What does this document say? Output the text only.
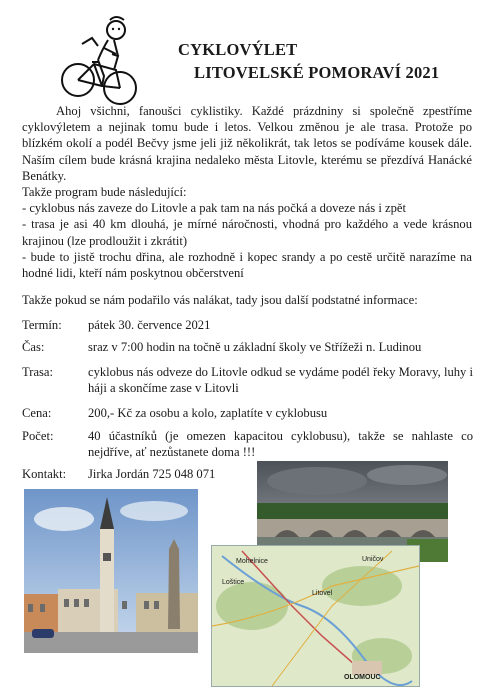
CYKLOVÝLET
LITOVELSKÉ POMORAVÍ 2021

Ahoj všichni, fanoušci cyklistiky. Každé prázdniny si společně zpestříme cyklovýletem a nejinak tomu bude i letos. Velkou změnou je ale trasa. Protože po blízkém okolí a podél Bečvy jsme jeli již několikrát, tak letos se podíváme kousek dále. Naším cílem bude krásná krajina nedaleko města Litovle, kterému se přezdívá Hanácké Benátky.

Takže program bude následující:

- cyklobus nás zaveze do Litovle a pak tam na nás počká a doveze nás i zpět

- trasa je asi 40 km dlouhá, je mírné náročnosti, vhodná pro každého a vede krásnou krajinou (lze prodloužit i zkrátit)

- bude to jistě trochu dřina, ale rozhodně i kopec srandy a po cestě určitě narazíme na hodné lidi, kteří nám poskytnou občerstvení

Takže pokud se nám podařilo vás nalákat, tady jsou další podstatné informace:
Termín: pátek 30. července 2021
Čas:	sraz v 7:00 hodin na točně u základní školy ve Střížeži n. Ludinou
Trasa:	cyklobus nás odveze do Litovle odkud se vydáme podél řeky Moravy, luhy i háji a skončíme zase v Litovli
Cena:	200,- Kč za osobu a kolo, zaplatíte v cyklobusu
Počet:	40 účastníků (je omezen kapacitou cyklobusu), takže se nahlaste co nejdříve, ať nezůstanete doma !!!
Kontakt: Jirka Jordán 725 048 071
Mohelnice
Loštice
Litovel
Uničov
OLOMOUC
